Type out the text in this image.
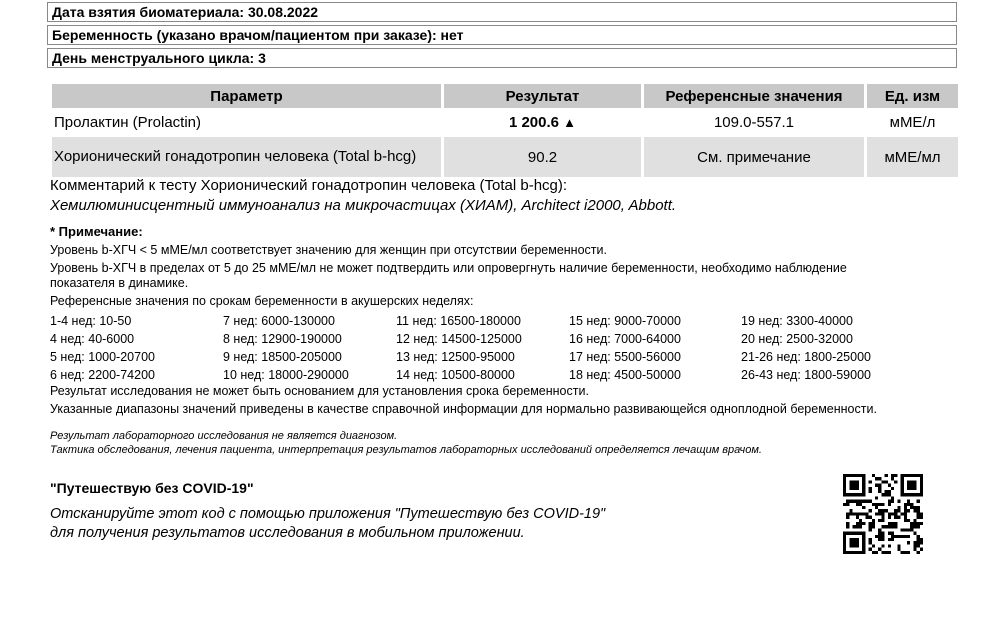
Дата взятия биоматериала: 30.08.2022
Беременность (указано врачом/пациентом при заказе): нет
День менструального цикла: 3
Параметр	Результат	Референсные значения	Ед. изм
Пролактин (Prolactin)	1 200.6 ▲	109.0-557.1	мМЕ/л
Хорионический гонадотропин человека (Total b-hcg)	90.2	См. примечание	мМЕ/мл
Комментарий к тесту Хорионический гонадотропин человека (Total b-hcg):
Хемилюминисцентный иммуноанализ на микрочастицах (ХИАМ), Architect i2000, Abbott.
* Примечание:
Уровень b-ХГЧ < 5 мМЕ/мл соответствует значению для женщин при отсутствии беременности.
Уровень b-ХГЧ в пределах от 5 до 25 мМЕ/мл не может подтвердить или опровергнуть наличие беременности, необходимо наблюдение
показателя в динамике.
Референсные значения по срокам беременности в акушерских неделях:
1-4 нед: 10-50	7 нед: 6000-130000	11 нед: 16500-180000	15 нед: 9000-70000	19 нед: 3300-40000
4 нед: 40-6000	8 нед: 12900-190000	12 нед: 14500-125000	16 нед: 7000-64000	20 нед: 2500-32000
5 нед: 1000-20700	9 нед: 18500-205000	13 нед: 12500-95000	17 нед: 5500-56000	21-26 нед: 1800-25000
6 нед: 2200-74200	10 нед: 18000-290000	14 нед: 10500-80000	18 нед: 4500-50000	26-43 нед: 1800-59000
Результат исследования не может быть основанием для установления срока беременности.
Указанные диапазоны значений приведены в качестве справочной информации для нормально развивающейся одноплодной беременности.
Результат лабораторного исследования не является диагнозом.
Тактика обследования, лечения пациента, интерпретация результатов лабораторных исследований определяется лечащим врачом.
"Путешествую без COVID-19"
Отсканируйте этот код с помощью приложения "Путешествую без COVID-19"
для получения результатов исследования в мобильном приложении.
